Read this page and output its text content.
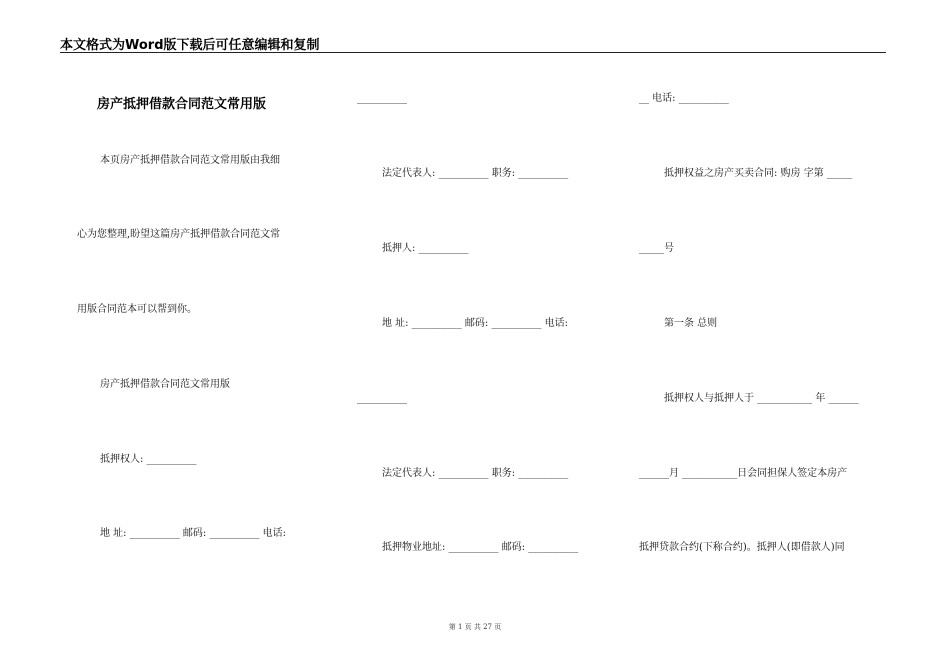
本文格式为Word版下载后可任意编辑和复制
房产抵押借款合同范文常用版
本页房产抵押借款合同范文常用版由我细
心为您整理,盼望这篇房产抵押借款合同范文常
用版合同范本可以帮到你。
房产抵押借款合同范文常用版
抵押权人: __________
地 址: __________ 邮码: __________ 电话:
__________
法定代表人: __________ 职务: __________
抵押人: __________
地 址: __________ 邮码: __________ 电话:
__________
法定代表人: __________ 职务: __________
抵押物业地址: __________ 邮码: __________
__ 电话: __________
抵押权益之房产买卖合同: 购房 字第 _____
_____号
第一条 总则
抵押权人与抵押人于 ___________ 年 ______
______月 ___________日会同担保人签定本房产
抵押贷款合约(下称合约)。抵押人(即借款人)同
第 1 页 共 27 页
